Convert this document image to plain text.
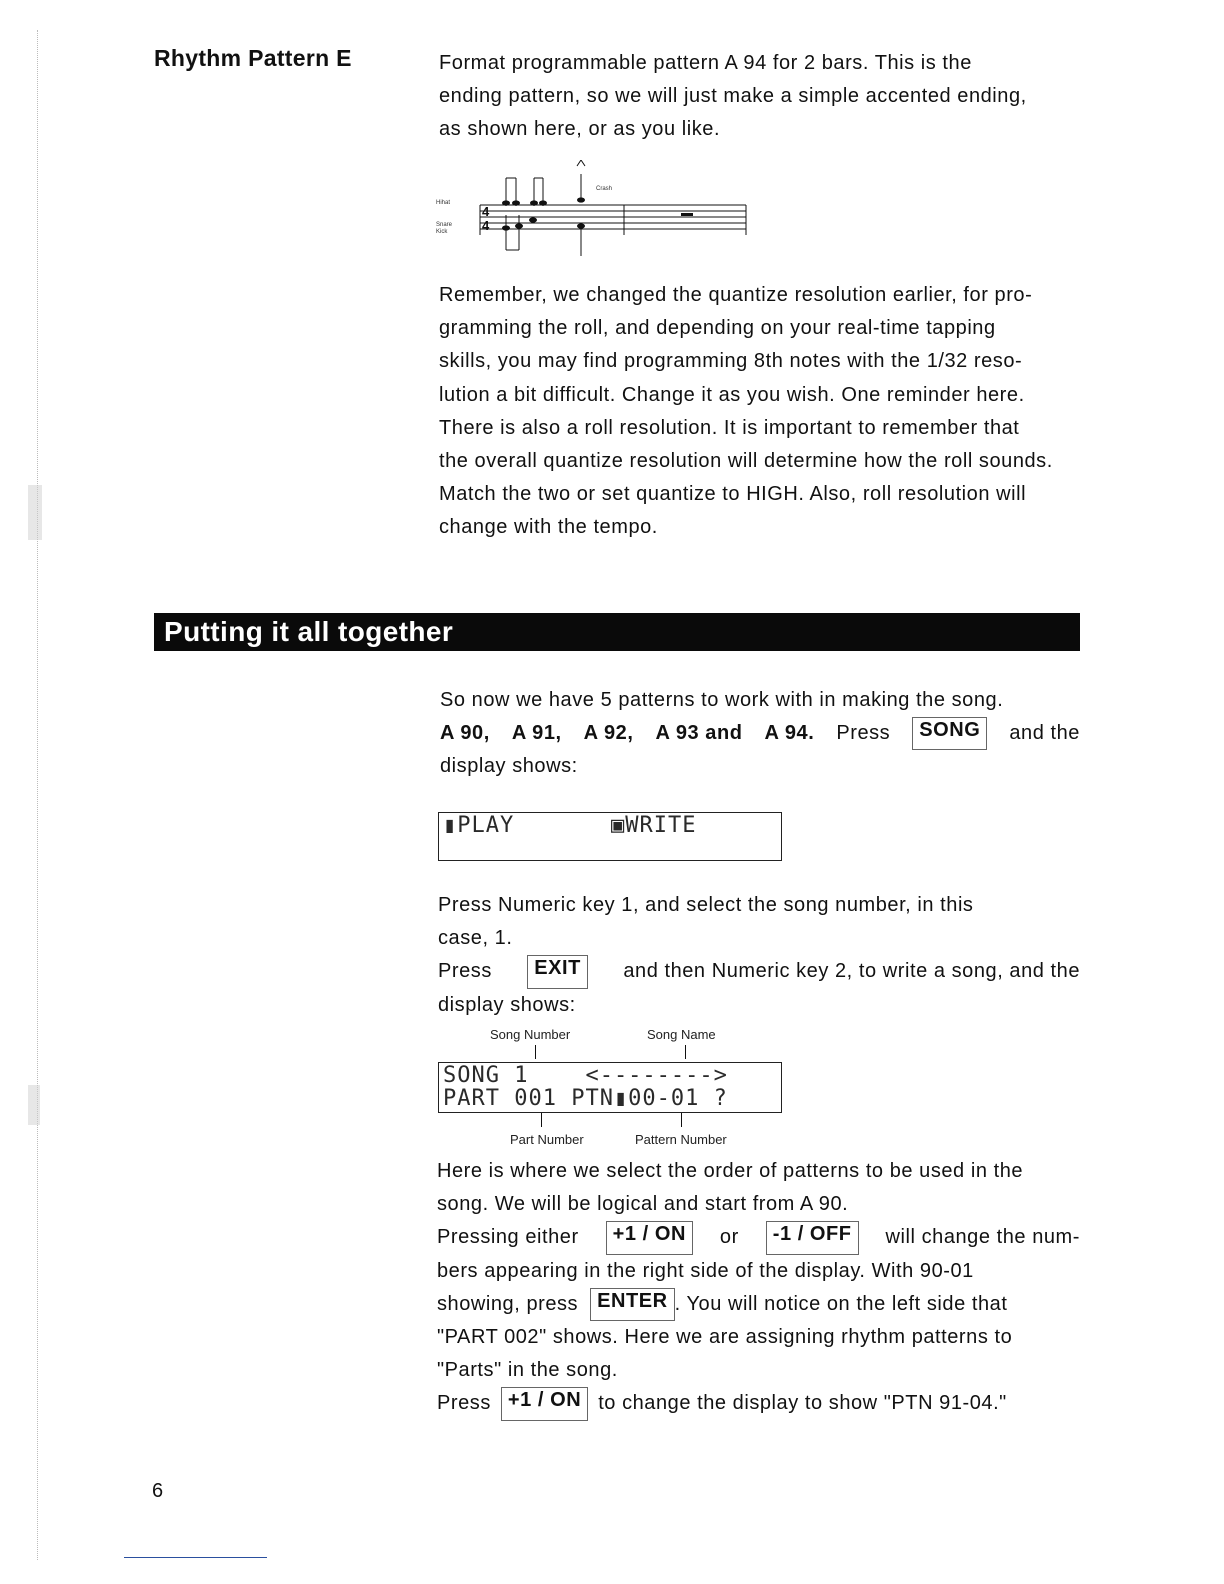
Rhythm Pattern E	Format programmable pattern A 94 for 2 bars. This is the
ending pattern, so we will just make a simple accented ending,
as shown here, or as you like.
Hihat
Snare
Kick
Crash
4
4
Remember, we changed the quantize resolution earlier, for pro-
gramming the roll, and depending on your real-time tapping
skills, you may find programming 8th notes with the 1/32 reso-
lution a bit difficult. Change it as you wish. One reminder here.
There is also a roll resolution. It is important to remember that
the overall quantize resolution will determine how the roll sounds.
Match the two or set quantize to HIGH. Also, roll resolution will
change with the tempo.
Putting it all together
So now we have 5 patterns to work with in making the song.
A 90, A 91, A 92, A 93 and A 94. Press	SONG	and the
display shows:

▮PLAY

	▣WRITE

Press Numeric key 1, and select the song number, in this
case, 1.
Press	EXIT	and then Numeric key 2, to write a song, and the
display shows:
Song Number	Song Name

SONG 1    <-------->

PART 001 PTN▮00-01 ?

Part Number	Pattern Number
Here is where we select the order of patterns to be used in the
song. We will be logical and start from A 90.
Pressing either	+1 / ON	or	-1 / OFF	will change the num-
bers appearing in the right side of the display. With 90-01
showing, press ENTER . You will notice on the left side that
"PART 002" shows. Here we are assigning rhythm patterns to
"Parts" in the song.
Press +1 / ON to change the display to show "PTN 91-04."
6
